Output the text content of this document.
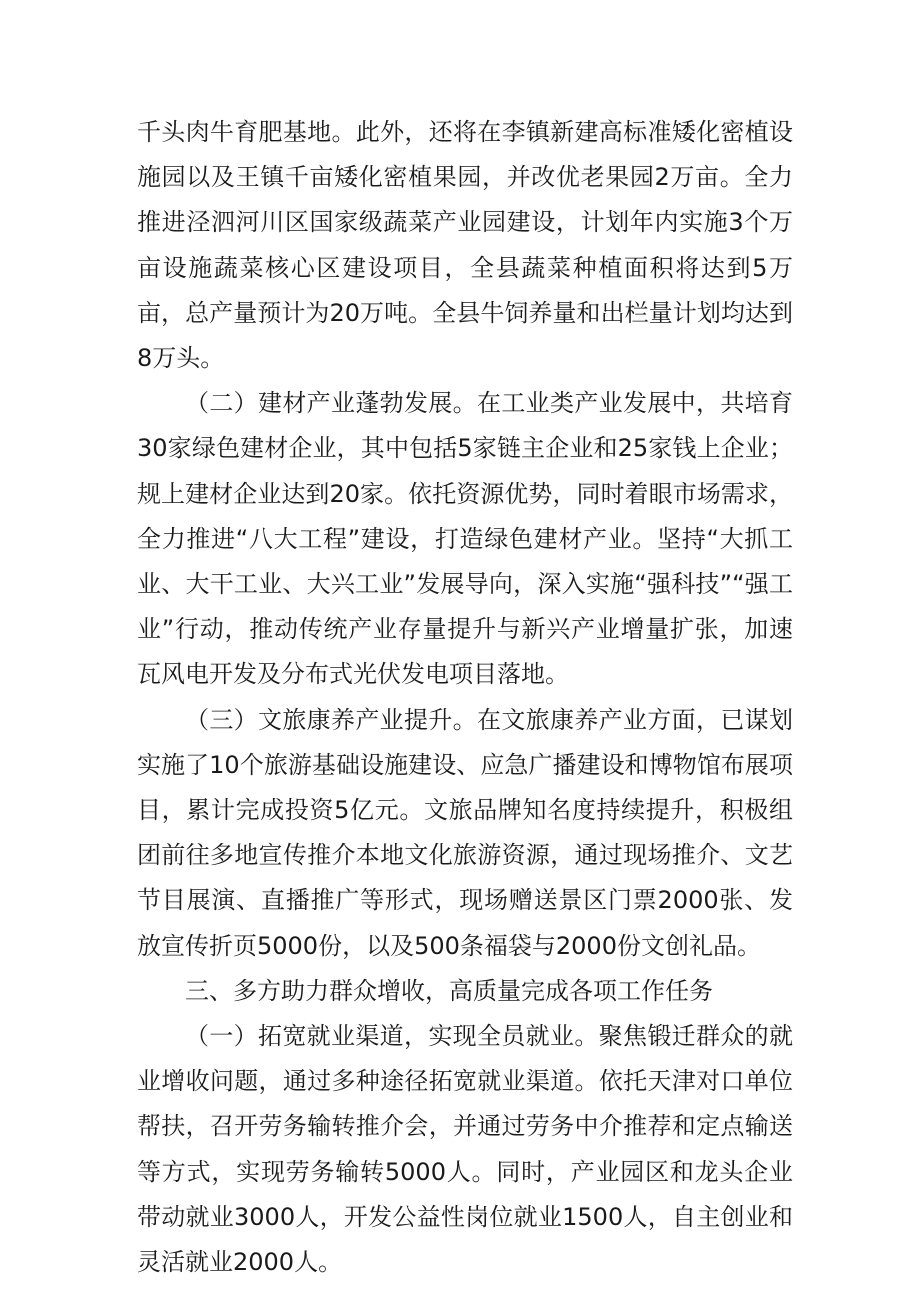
千头肉牛育肥基地。此外，还将在李镇新建高标准矮化密植设施园以及王镇千亩矮化密植果园，并改优老果园2万亩。全力推进泾泗河川区国家级蔬菜产业园建设，计划年内实施3个万亩设施蔬菜核心区建设项目，全县蔬菜种植面积将达到5万亩，总产量预计为20万吨。全县牛饲养量和出栏量计划均达到8万头。

（二）建材产业蓬勃发展。在工业类产业发展中，共培育30家绿色建材企业，其中包括5家链主企业和25家钱上企业；规上建材企业达到20家。依托资源优势，同时着眼市场需求，全力推进“八大工程”建设，打造绿色建材产业。坚持“大抓工业、大干工业、大兴工业”发展导向，深入实施“强科技”“强工业”行动，推动传统产业存量提升与新兴产业增量扩张，加速瓦风电开发及分布式光伏发电项目落地。

（三）文旅康养产业提升。在文旅康养产业方面，已谋划实施了10个旅游基础设施建设、应急广播建设和博物馆布展项目，累计完成投资5亿元。文旅品牌知名度持续提升，积极组团前往多地宣传推介本地文化旅游资源，通过现场推介、文艺节目展演、直播推广等形式，现场赠送景区门票2000张、发放宣传折页5000份，以及500条福袋与2000份文创礼品。

三、多方助力群众增收，高质量完成各项工作任务

（一）拓宽就业渠道，实现全员就业。聚焦锻迁群众的就业增收问题，通过多种途径拓宽就业渠道。依托天津对口单位帮扶，召开劳务输转推介会，并通过劳务中介推荐和定点输送等方式，实现劳务输转5000人。同时，产业园区和龙头企业带动就业3000人，开发公益性岗位就业1500人，自主创业和灵活就业2000人。
